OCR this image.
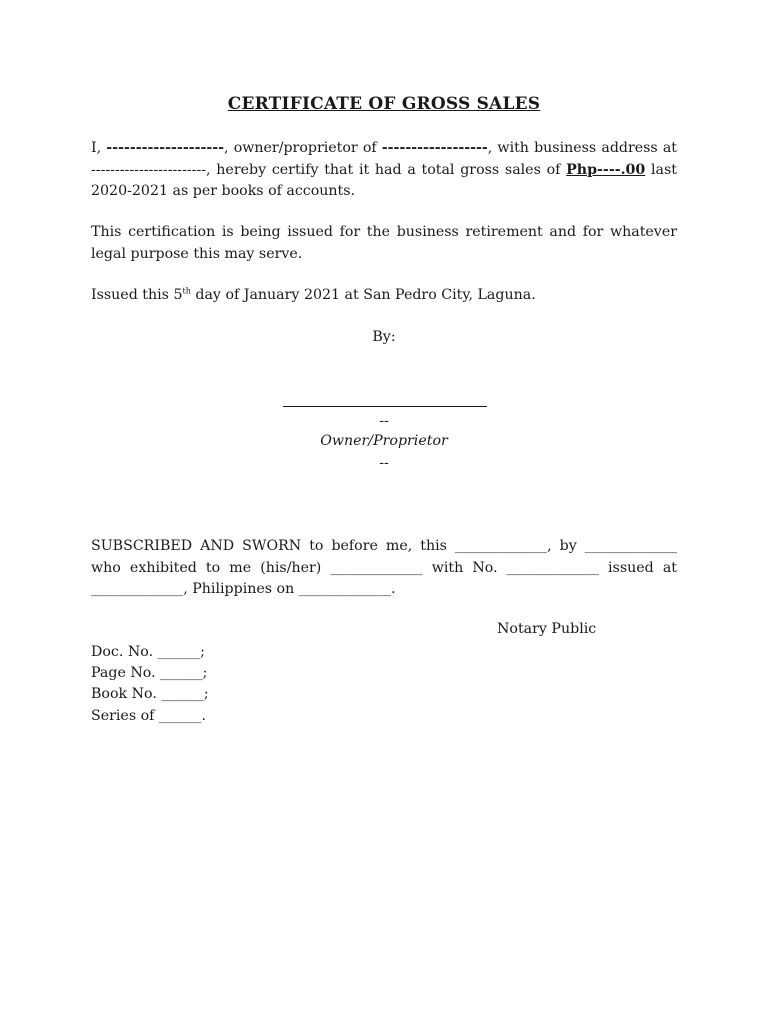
CERTIFICATE OF GROSS SALES
I, --------------------, owner/proprietor of ------------------, with business address at ------------------------, hereby certify that it had a total gross sales of Php----.00 last 2020-2021 as per books of accounts.
This certification is being issued for the business retirement and for whatever legal purpose this may serve.
Issued this 5th day of January 2021 at San Pedro City, Laguna.
By:
--
Owner/Proprietor
--
SUBSCRIBED AND SWORN to before me, this _____________, by _____________ who exhibited to me (his/her) _____________ with No. _____________ issued at _____________, Philippines on _____________.
Notary Public
Doc. No. ______;
Page No. ______;
Book No. ______;
Series of ______.
